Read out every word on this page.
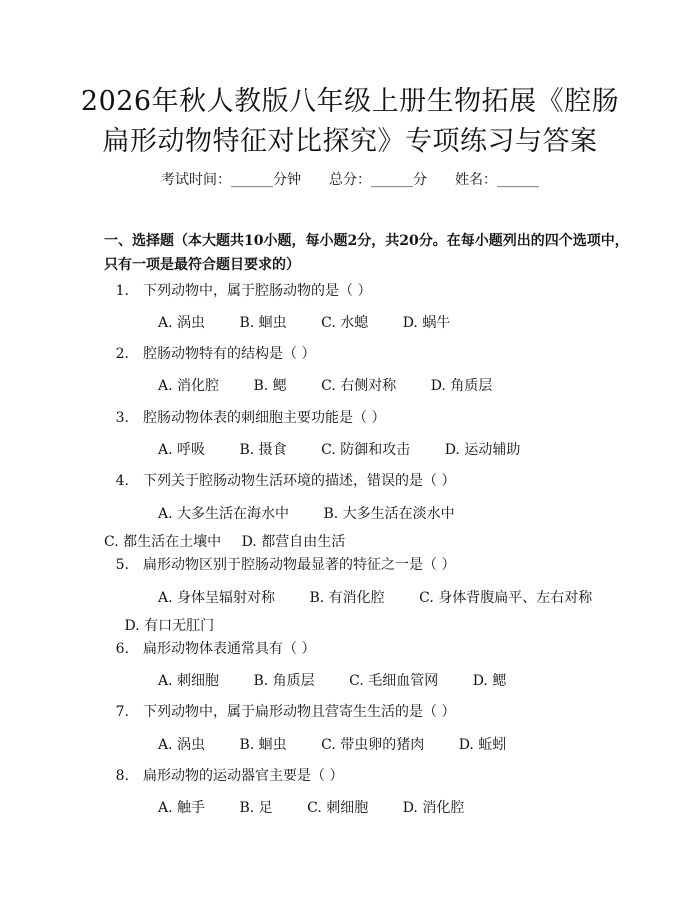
2026年秋人教版八年级上册生物拓展《腔肠
扁形动物特征对比探究》专项练习与答案
考试时间：______分钟　　总分：______分　　姓名：______
一、选择题（本大题共10小题，每小题2分，共20分。在每小题列出的四个选项中，只有一项是最符合题目要求的）
1. 下列动物中，属于腔肠动物的是（ ）
A. 涡虫 B. 蛔虫 C. 水螅 D. 蜗牛
2. 腔肠动物特有的结构是（ ）
A. 消化腔 B. 鳃 C. 右侧对称 D. 角质层
3. 腔肠动物体表的刺细胞主要功能是（ ）
A. 呼吸 B. 摄食 C. 防御和攻击 D. 运动辅助
4. 下列关于腔肠动物生活环境的描述，错误的是（ ）
A. 大多生活在海水中 B. 大多生活在淡水中 C. 都生活在土壤中 D. 都营自由生活
5. 扁形动物区别于腔肠动物最显著的特征之一是（ ）
A. 身体呈辐射对称 B. 有消化腔 C. 身体背腹扁平、左右对称 D. 有口无肛门
6. 扁形动物体表通常具有（ ）
A. 刺细胞 B. 角质层 C. 毛细血管网 D. 鳃
7. 下列动物中，属于扁形动物且营寄生生活的是（ ）
A. 涡虫 B. 蛔虫 C. 带虫卵的猪肉 D. 蚯蚓
8. 扁形动物的运动器官主要是（ ）
A. 触手 B. 足 C. 刺细胞 D. 消化腔
